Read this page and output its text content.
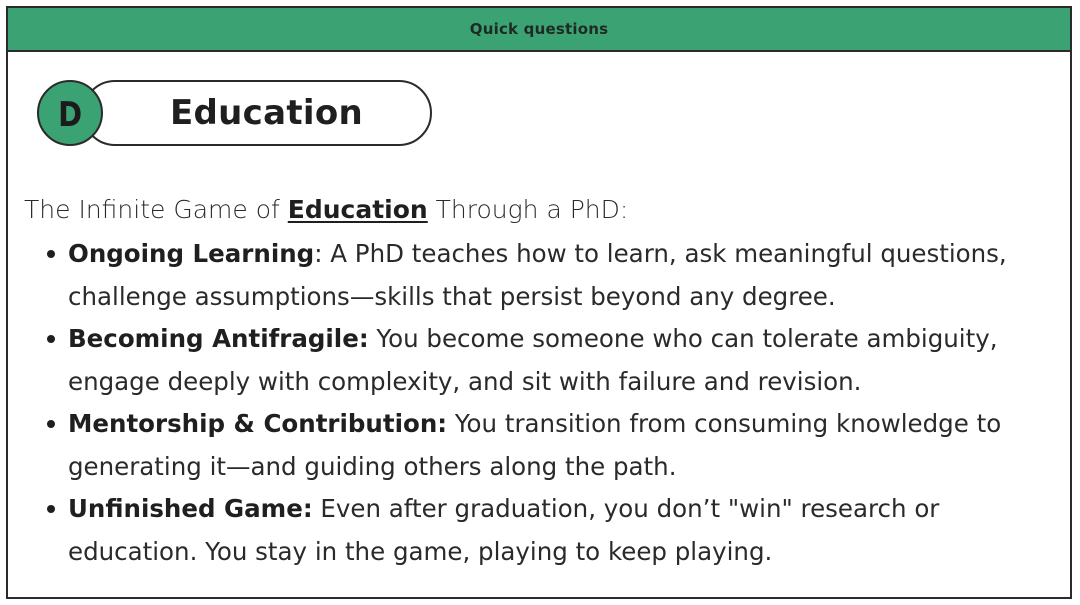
Quick questions
Education
D

The Infinite Game of Education Through a PhD:

Ongoing Learning: A PhD teaches how to learn, ask meaningful questions, challenge assumptions—skills that persist beyond any degree.
Becoming Antifragile: You become someone who can tolerate ambiguity, engage deeply with complexity, and sit with failure and revision.
Mentorship & Contribution: You transition from consuming knowledge to generating it—and guiding others along the path.
Unfinished Game: Even after graduation, you don’t "win" research or education. You stay in the game, playing to keep playing.
